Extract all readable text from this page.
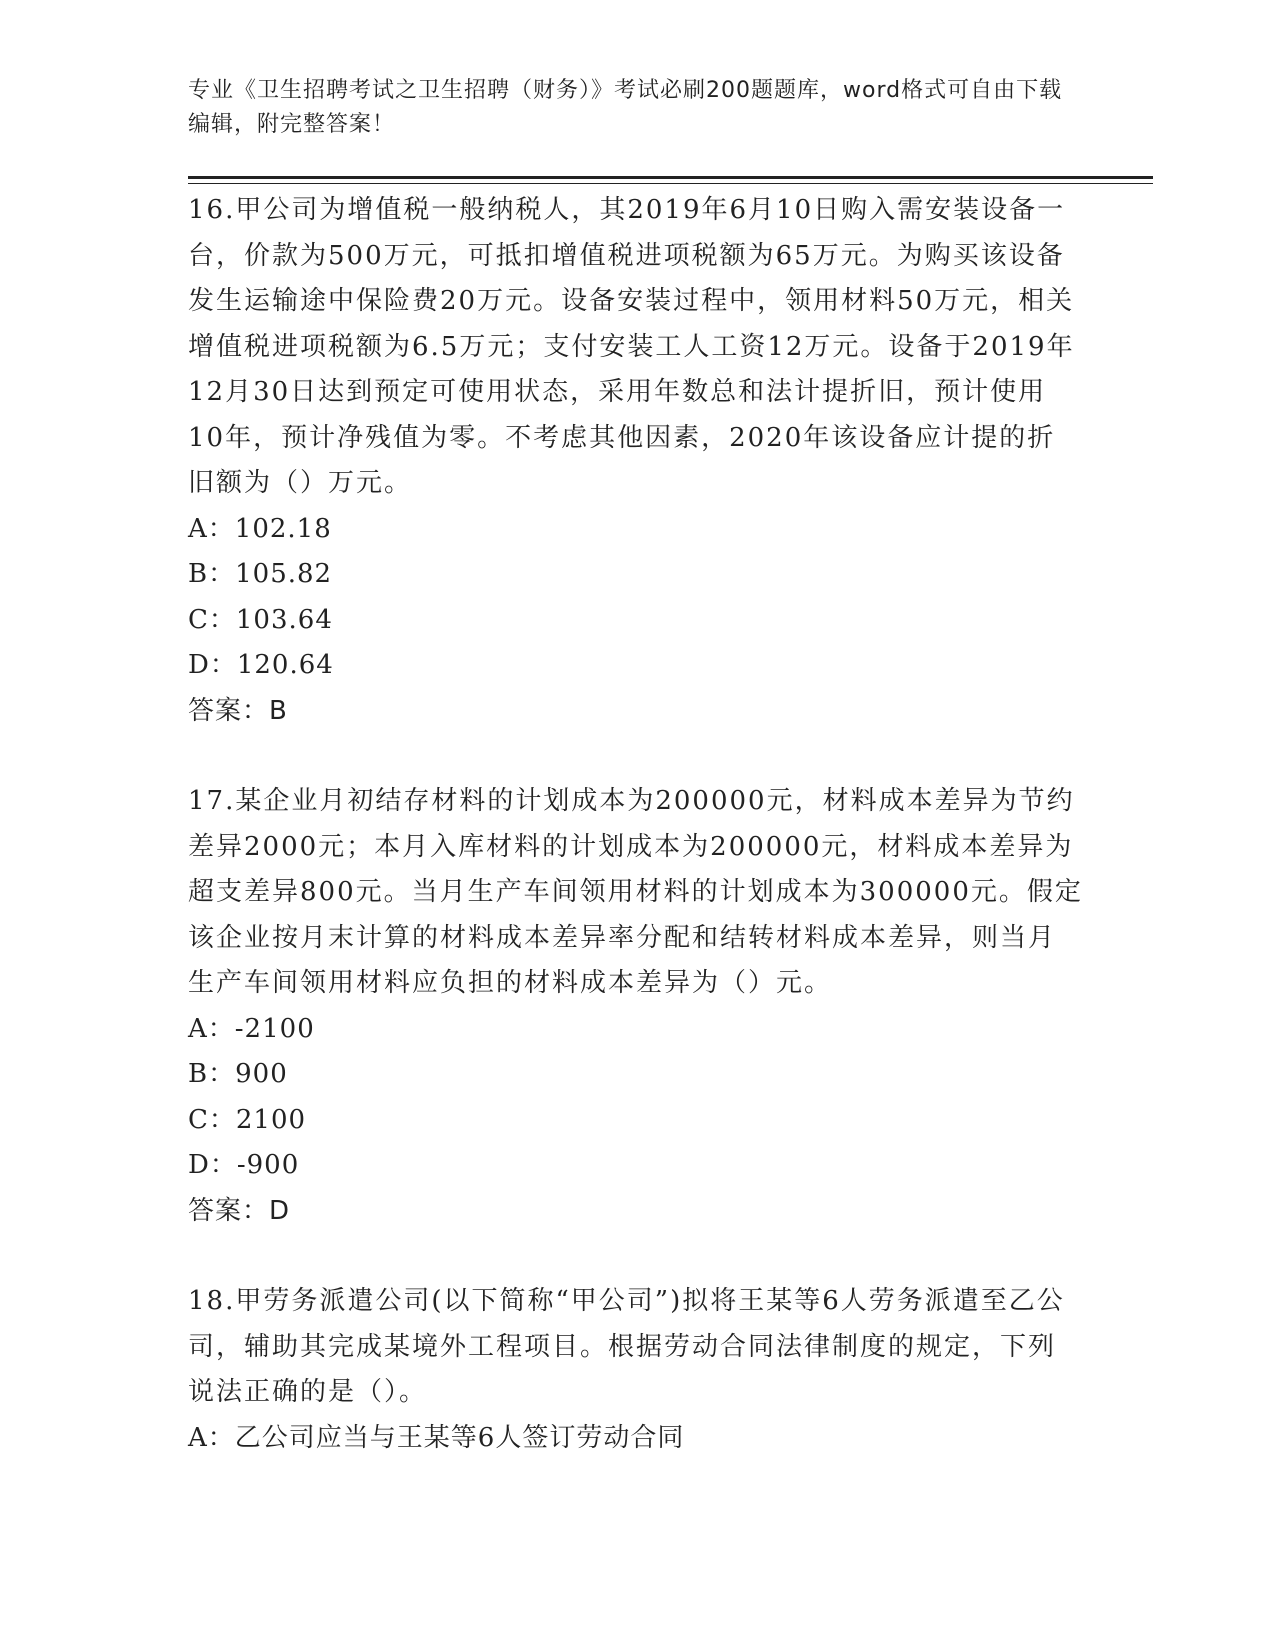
专业《卫生招聘考试之卫生招聘（财务）》考试必刷200题题库，word格式可自由下载编辑，附完整答案！

16.甲公司为增值税一般纳税人，其2019年6月10日购入需安装设备一台，价款为500万元，可抵扣增值税进项税额为65万元。为购买该设备发生运输途中保险费20万元。设备安装过程中，领用材料50万元，相关增值税进项税额为6.5万元；支付安装工人工资12万元。设备于2019年12月30日达到预定可使用状态，采用年数总和法计提折旧，预计使用10年，预计净残值为零。不考虑其他因素，2020年该设备应计提的折旧额为（）万元。

A：102.18

B：105.82

C：103.64

D：120.64

答案：B

17.某企业月初结存材料的计划成本为200000元，材料成本差异为节约差异2000元；本月入库材料的计划成本为200000元，材料成本差异为超支差异800元。当月生产车间领用材料的计划成本为300000元。假定该企业按月末计算的材料成本差异率分配和结转材料成本差异，则当月生产车间领用材料应负担的材料成本差异为（）元。

A：-2100

B：900

C：2100

D：-900

答案：D

18.甲劳务派遣公司(以下简称“甲公司”)拟将王某等6人劳务派遣至乙公司，辅助其完成某境外工程项目。根据劳动合同法律制度的规定，下列说法正确的是（）。

A：乙公司应当与王某等6人签订劳动合同
